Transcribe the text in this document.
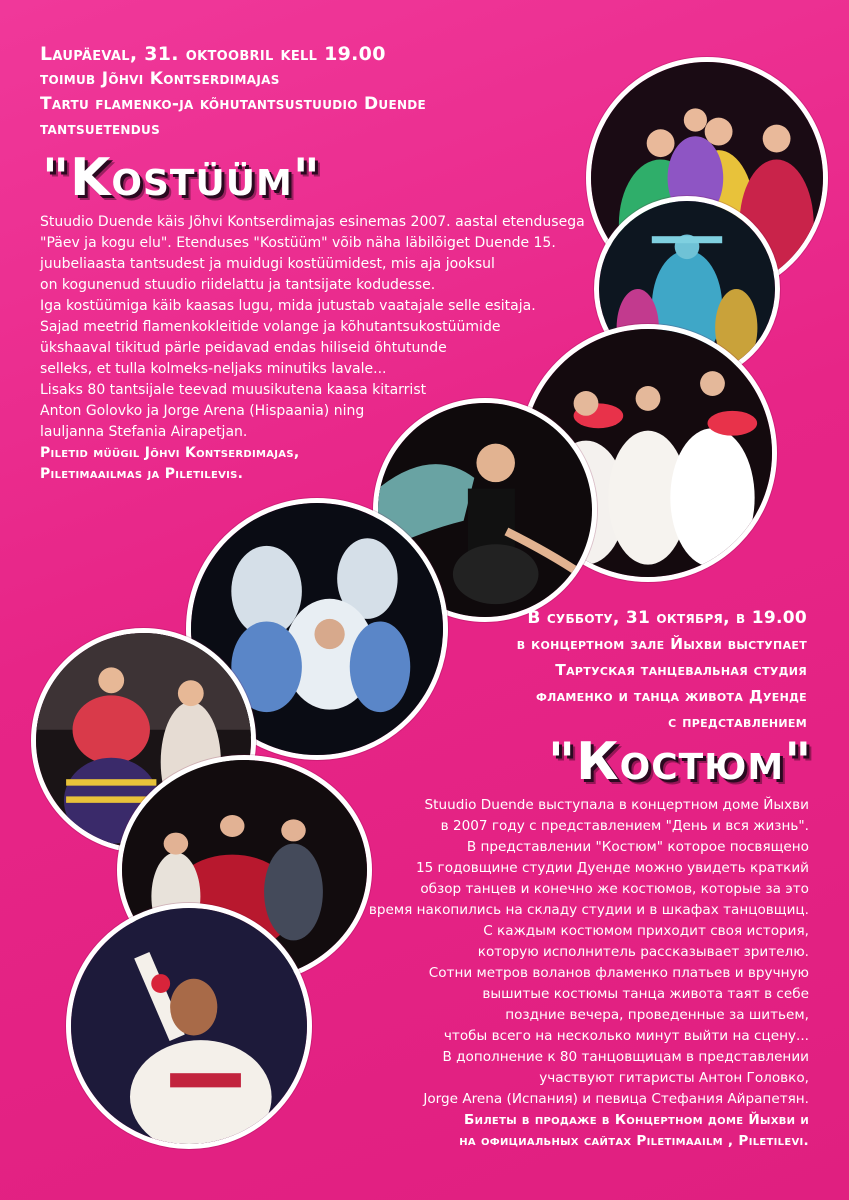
Laupäeval, 31. oktoobril kell 19.00
toimub Jõhvi Kontserdimajas
Tartu flamenko-ja kõhutantsustuudio Duende
tantsuetendus
"Kostüüm"
Stuudio Duende käis Jõhvi Kontserdimajas esinemas 2007. aastal etendusega
"Päev ja kogu elu". Etenduses "Kostüüm" võib näha läbilõiget Duende 15.
juubeliaasta tantsudest ja muidugi kostüümidest, mis aja jooksul
on kogunenud stuudio riidelattu ja tantsijate kodudesse.
Iga kostüümiga käib kaasas lugu, mida jutustab vaatajale selle esitaja.
Sajad meetrid flamenkokleitide volange ja kõhutantsukostüümide
ükshaaval tikitud pärle peidavad endas hiliseid õhtutunde
selleks, et tulla kolmeks-neljaks minutiks lavale...
Lisaks 80 tantsijale teevad muusikutena kaasa kitarrist
Anton Golovko ja Jorge Arena (Hispaania) ning
lauljanna Stefania Airapetjan.
Piletid müügil Jõhvi Kontserdimajas,
Piletimaailmas ja Piletilevis.
В субботу, 31 октября, в 19.00
в концертном зале Йыхви выступает
Тартуская танцевальная студия
фламенко и танца живота Дуенде
с представлением
"Костюм"
Stuudio Duende выступала в концертном доме Йыхви
в 2007 году с представлением "День и вся жизнь".
В представлении "Костюм" которое посвящено
15 годовщине студии Дуенде можно увидеть краткий
обзор танцев и конечно же костюмов, которые за это
время накопились на складу студии и в шкафах танцовщиц.
С каждым костюмом приходит своя история,
которую исполнитель рассказывает зрителю.
Сотни метров воланов фламенко платьев и вручную
вышитые костюмы танца живота таят в себе
поздние вечера, проведенные за шитьем,
чтобы всего на несколько минут выйти на сцену...
В дополнение к 80 танцовщицам в представлении
участвуют гитаристы Антон Головко,
Jorge Arena (Испания) и певица Стефания Айрапетян.
Билеты в продаже в Концертном доме Йыхви и
на официальных сайтах Piletimaailm , Piletilevi.
